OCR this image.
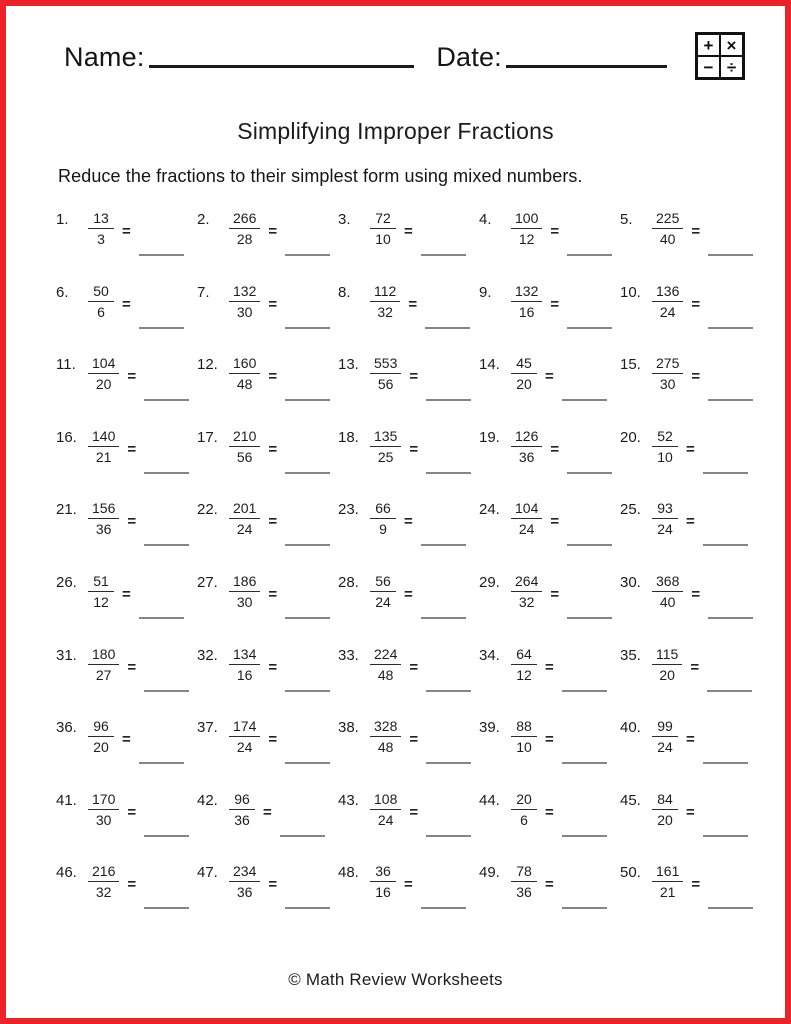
Name:	Date:	+ ×
− ÷
Simplifying Improper Fractions
Reduce the fractions to their simplest form using mixed numbers.
1.	$\frac{13}{3}$ =
2.	$\frac{266}{28}$ =
3.	$\frac{72}{10}$ =
4.	$\frac{100}{12}$ =
5.	$\frac{225}{40}$ =
6.	$\frac{50}{6}$ =
7.	$\frac{132}{30}$ =
8.	$\frac{112}{32}$ =
9.	$\frac{132}{16}$ =
10. $\frac{136}{24}$ =
11. $\frac{104}{20}$ =
12. $\frac{160}{48}$ =
13. $\frac{553}{56}$ =
14. $\frac{45}{20}$ =
15. $\frac{275}{30}$ =
16. $\frac{140}{21}$ =
17. $\frac{210}{56}$ =
18. $\frac{135}{25}$ =
19. $\frac{126}{36}$ =
20. $\frac{52}{10}$ =
21. $\frac{156}{36}$ =
22. $\frac{201}{24}$ =
23. $\frac{66}{9}$ =
24. $\frac{104}{24}$ =
25. $\frac{93}{24}$ =
26. $\frac{51}{12}$ =
27. $\frac{186}{30}$ =
28. $\frac{56}{24}$ =
29. $\frac{264}{32}$ =
30. $\frac{368}{40}$ =
31. $\frac{180}{27}$ =
32. $\frac{134}{16}$ =
33. $\frac{224}{48}$ =
34. $\frac{64}{12}$ =
35. $\frac{115}{20}$ =
36. $\frac{96}{20}$ =
37. $\frac{174}{24}$ =
38. $\frac{328}{48}$ =
39. $\frac{88}{10}$ =
40. $\frac{99}{24}$ =
41. $\frac{170}{30}$ =
42. $\frac{96}{36}$ =
43. $\frac{108}{24}$ =
44. $\frac{20}{6}$ =
45. $\frac{84}{20}$ =
46. $\frac{216}{32}$ =
47. $\frac{234}{36}$ =
48. $\frac{36}{16}$ =
49. $\frac{78}{36}$ =
50. $\frac{161}{21}$ =
© Math Review Worksheets
